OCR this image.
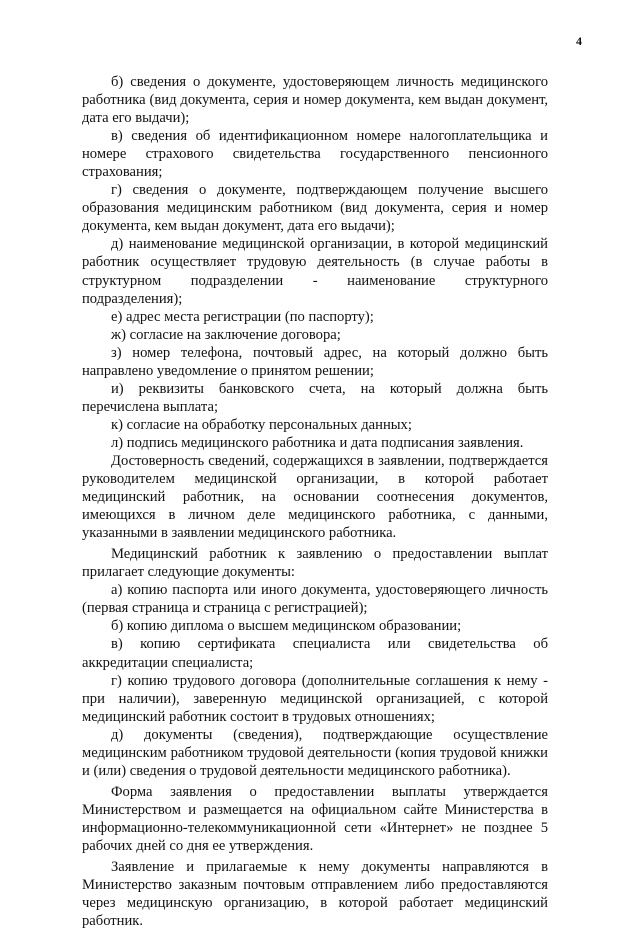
4

б) сведения о документе, удостоверяющем личность медицинского работника (вид документа, серия и номер документа, кем выдан документ, дата его выдачи);

в) сведения об идентификационном номере налогоплательщика и номере страхового свидетельства государственного пенсионного страхования;

г) сведения о документе, подтверждающем получение высшего образования медицинским работником (вид документа, серия и номер документа, кем выдан документ, дата его выдачи);

д) наименование медицинской организации, в которой медицинский работник осуществляет трудовую деятельность (в случае работы в структурном подразделении - наименование структурного подразделения);

е) адрес места регистрации (по паспорту);

ж) согласие на заключение договора;

з) номер телефона, почтовый адрес, на который должно быть направлено уведомление о принятом решении;

и) реквизиты банковского счета, на который должна быть перечислена выплата;

к) согласие на обработку персональных данных;

л) подпись медицинского работника и дата подписания заявления.

Достоверность сведений, содержащихся в заявлении, подтверждается руководителем медицинской организации, в которой работает медицинский работник, на основании соотнесения документов, имеющихся в личном деле медицинского работника, с данными, указанными в заявлении медицинского работника.

Медицинский работник к заявлению о предоставлении выплат прилагает следующие документы:

а) копию паспорта или иного документа, удостоверяющего личность (первая страница и страница с регистрацией);

б) копию диплома о высшем медицинском образовании;

в) копию сертификата специалиста или свидетельства об аккредитации специалиста;

г) копию трудового договора (дополнительные соглашения к нему - при наличии), заверенную медицинской организацией, с которой медицинский работник состоит в трудовых отношениях;

д) документы (сведения), подтверждающие осуществление медицинским работником трудовой деятельности (копия трудовой книжки и (или) сведения о трудовой деятельности медицинского работника).

Форма заявления о предоставлении выплаты утверждается Министерством и размещается на официальном сайте Министерства в информационно-телекоммуникационной сети «Интернет» не позднее 5 рабочих дней со дня ее утверждения.

Заявление и прилагаемые к нему документы направляются в Министерство заказным почтовым отправлением либо предоставляются через медицинскую организацию, в которой работает медицинский работник.
